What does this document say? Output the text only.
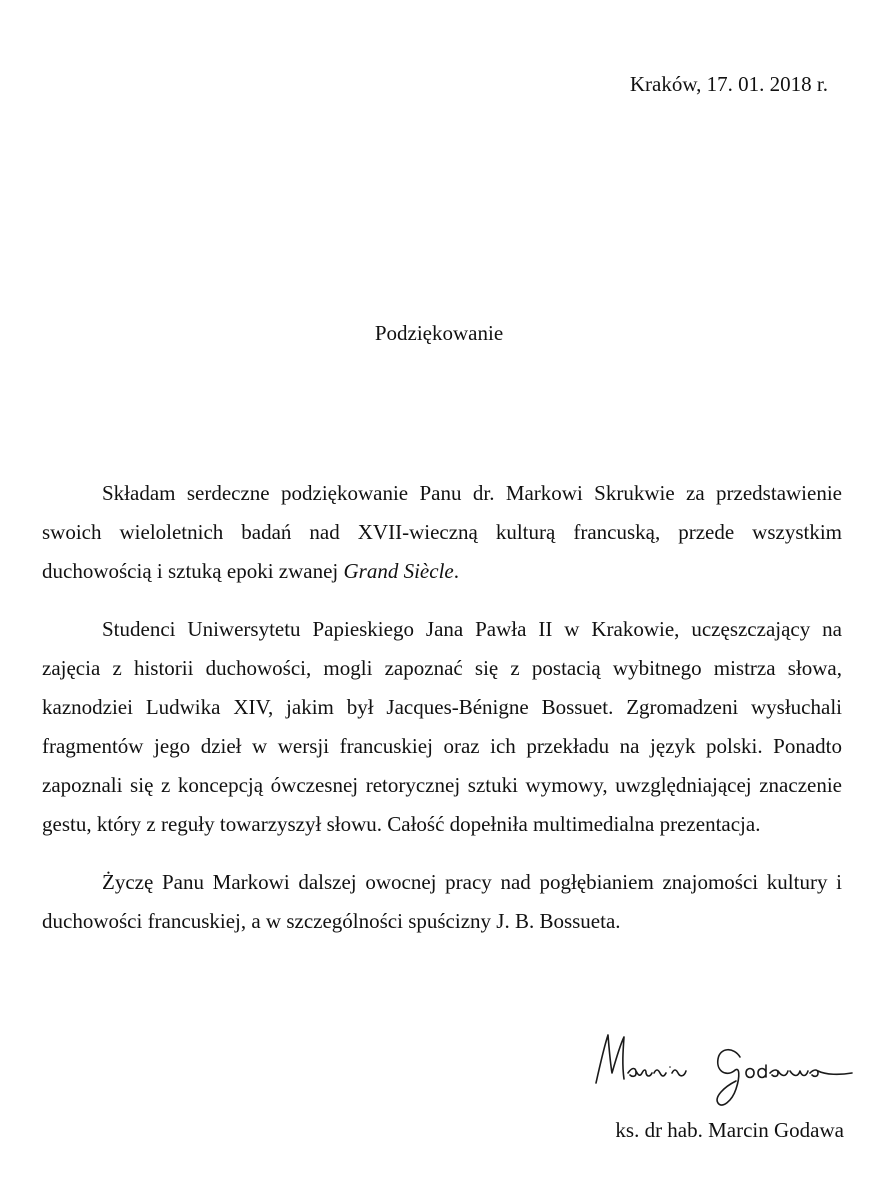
Kraków, 17. 01. 2018 r.
Podziękowanie

Składam serdeczne podziękowanie Panu dr. Markowi Skrukwie za przedstawienie swoich wieloletnich badań nad XVII-wieczną kulturą francuską, przede wszystkim duchowością i sztuką epoki zwanej Grand Siècle.

Studenci Uniwersytetu Papieskiego Jana Pawła II w Krakowie, uczęszczający na zajęcia z historii duchowości, mogli zapoznać się z postacią wybitnego mistrza słowa, kaznodziei Ludwika XIV, jakim był Jacques-Bénigne Bossuet. Zgromadzeni wysłuchali fragmentów jego dzieł w wersji francuskiej oraz ich przekładu na język polski. Ponadto zapoznali się z koncepcją ówczesnej retorycznej sztuki wymowy, uwzględniającej znaczenie gestu, który z reguły towarzyszył słowu. Całość dopełniła multimedialna prezentacja.

Życzę Panu Markowi dalszej owocnej pracy nad pogłębianiem znajomości kultury i duchowości francuskiej, a w szczególności spuścizny J. B. Bossueta.

ks. dr hab. Marcin Godawa
